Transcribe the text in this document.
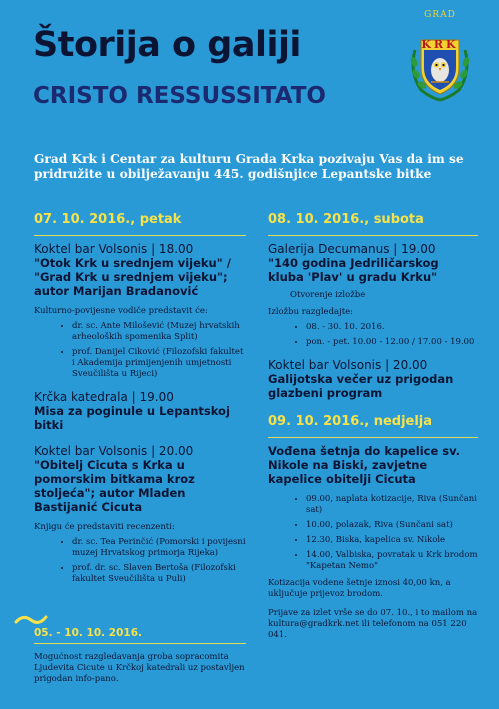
Štorija o galiji
CRISTO RESSUSSITATO
GRAD
KRK
Grad Krk i Centar za kulturu Grada Krka pozivaju Vas da im se pridružite u obilježavanju 445. godišnjice Lepantske bitke
07. 10. 2016., petak
Koktel bar Volsonis | 18.00
"Otok Krk u srednjem vijeku" / "Grad Krk u srednjem vijeku"; autor Marijan Bradanović
Kulturno-povijesne vodiče predstavit će:
• dr. sc. Ante Milošević (Muzej hrvatskih arheoloških spomenika Split)
• prof. Danijel Ciković (Filozofski fakultet i Akademija primijenjenih umjetnosti Sveučilišta u Rijeci)
Krčka katedrala | 19.00
Misa za poginule u Lepantskoj bitki
Koktel bar Volsonis | 20.00
"Obitelj Cicuta s Krka u pomorskim bitkama kroz stoljeća"; autor Mladen Bastijanić Cicuta
Knjigu će predstaviti recenzenti:
• dr. sc. Tea Perinčić (Pomorski i povijesni muzej Hrvatskog primorja Rijeka)
• prof. dr. sc. Slaven Bertoša (Filozofski fakultet Sveučilišta u Puli)
05. - 10. 10. 2016.
Mogućnost razgledavanja groba sopracomita Ljudevita Cicute u Krčkoj katedrali uz postavljen prigodan info-pano.
08. 10. 2016., subota
Galerija Decumanus | 19.00
"140 godina Jedriličarskog kluba 'Plav' u gradu Krku"
Otvorenje izložbe
Izložbu razgledajte:
• 08. - 30. 10. 2016.
• pon. - pet. 10.00 - 12.00 / 17.00 - 19.00
Koktel bar Volsonis | 20.00
Galijotska večer uz prigodan glazbeni program
09. 10. 2016., nedjelja
Vođena šetnja do kapelice sv. Nikole na Biski, zavjetne kapelice obitelji Cicuta
• 09.00, naplata kotizacije, Riva (Sunčani sat)
• 10.00, polazak, Riva (Sunčani sat)
• 12.30, Biska, kapelica sv. Nikole
• 14.00, Valbiska, povratak u Krk brodom "Kapetan Nemo"
Kotizacija vodene šetnje iznosi 40,00 kn, a uključuje prijevoz brodom.
Prijave za izlet vrše se do 07. 10., i to mailom na kultura@gradkrk.net ili telefonom na 051 220 041.
